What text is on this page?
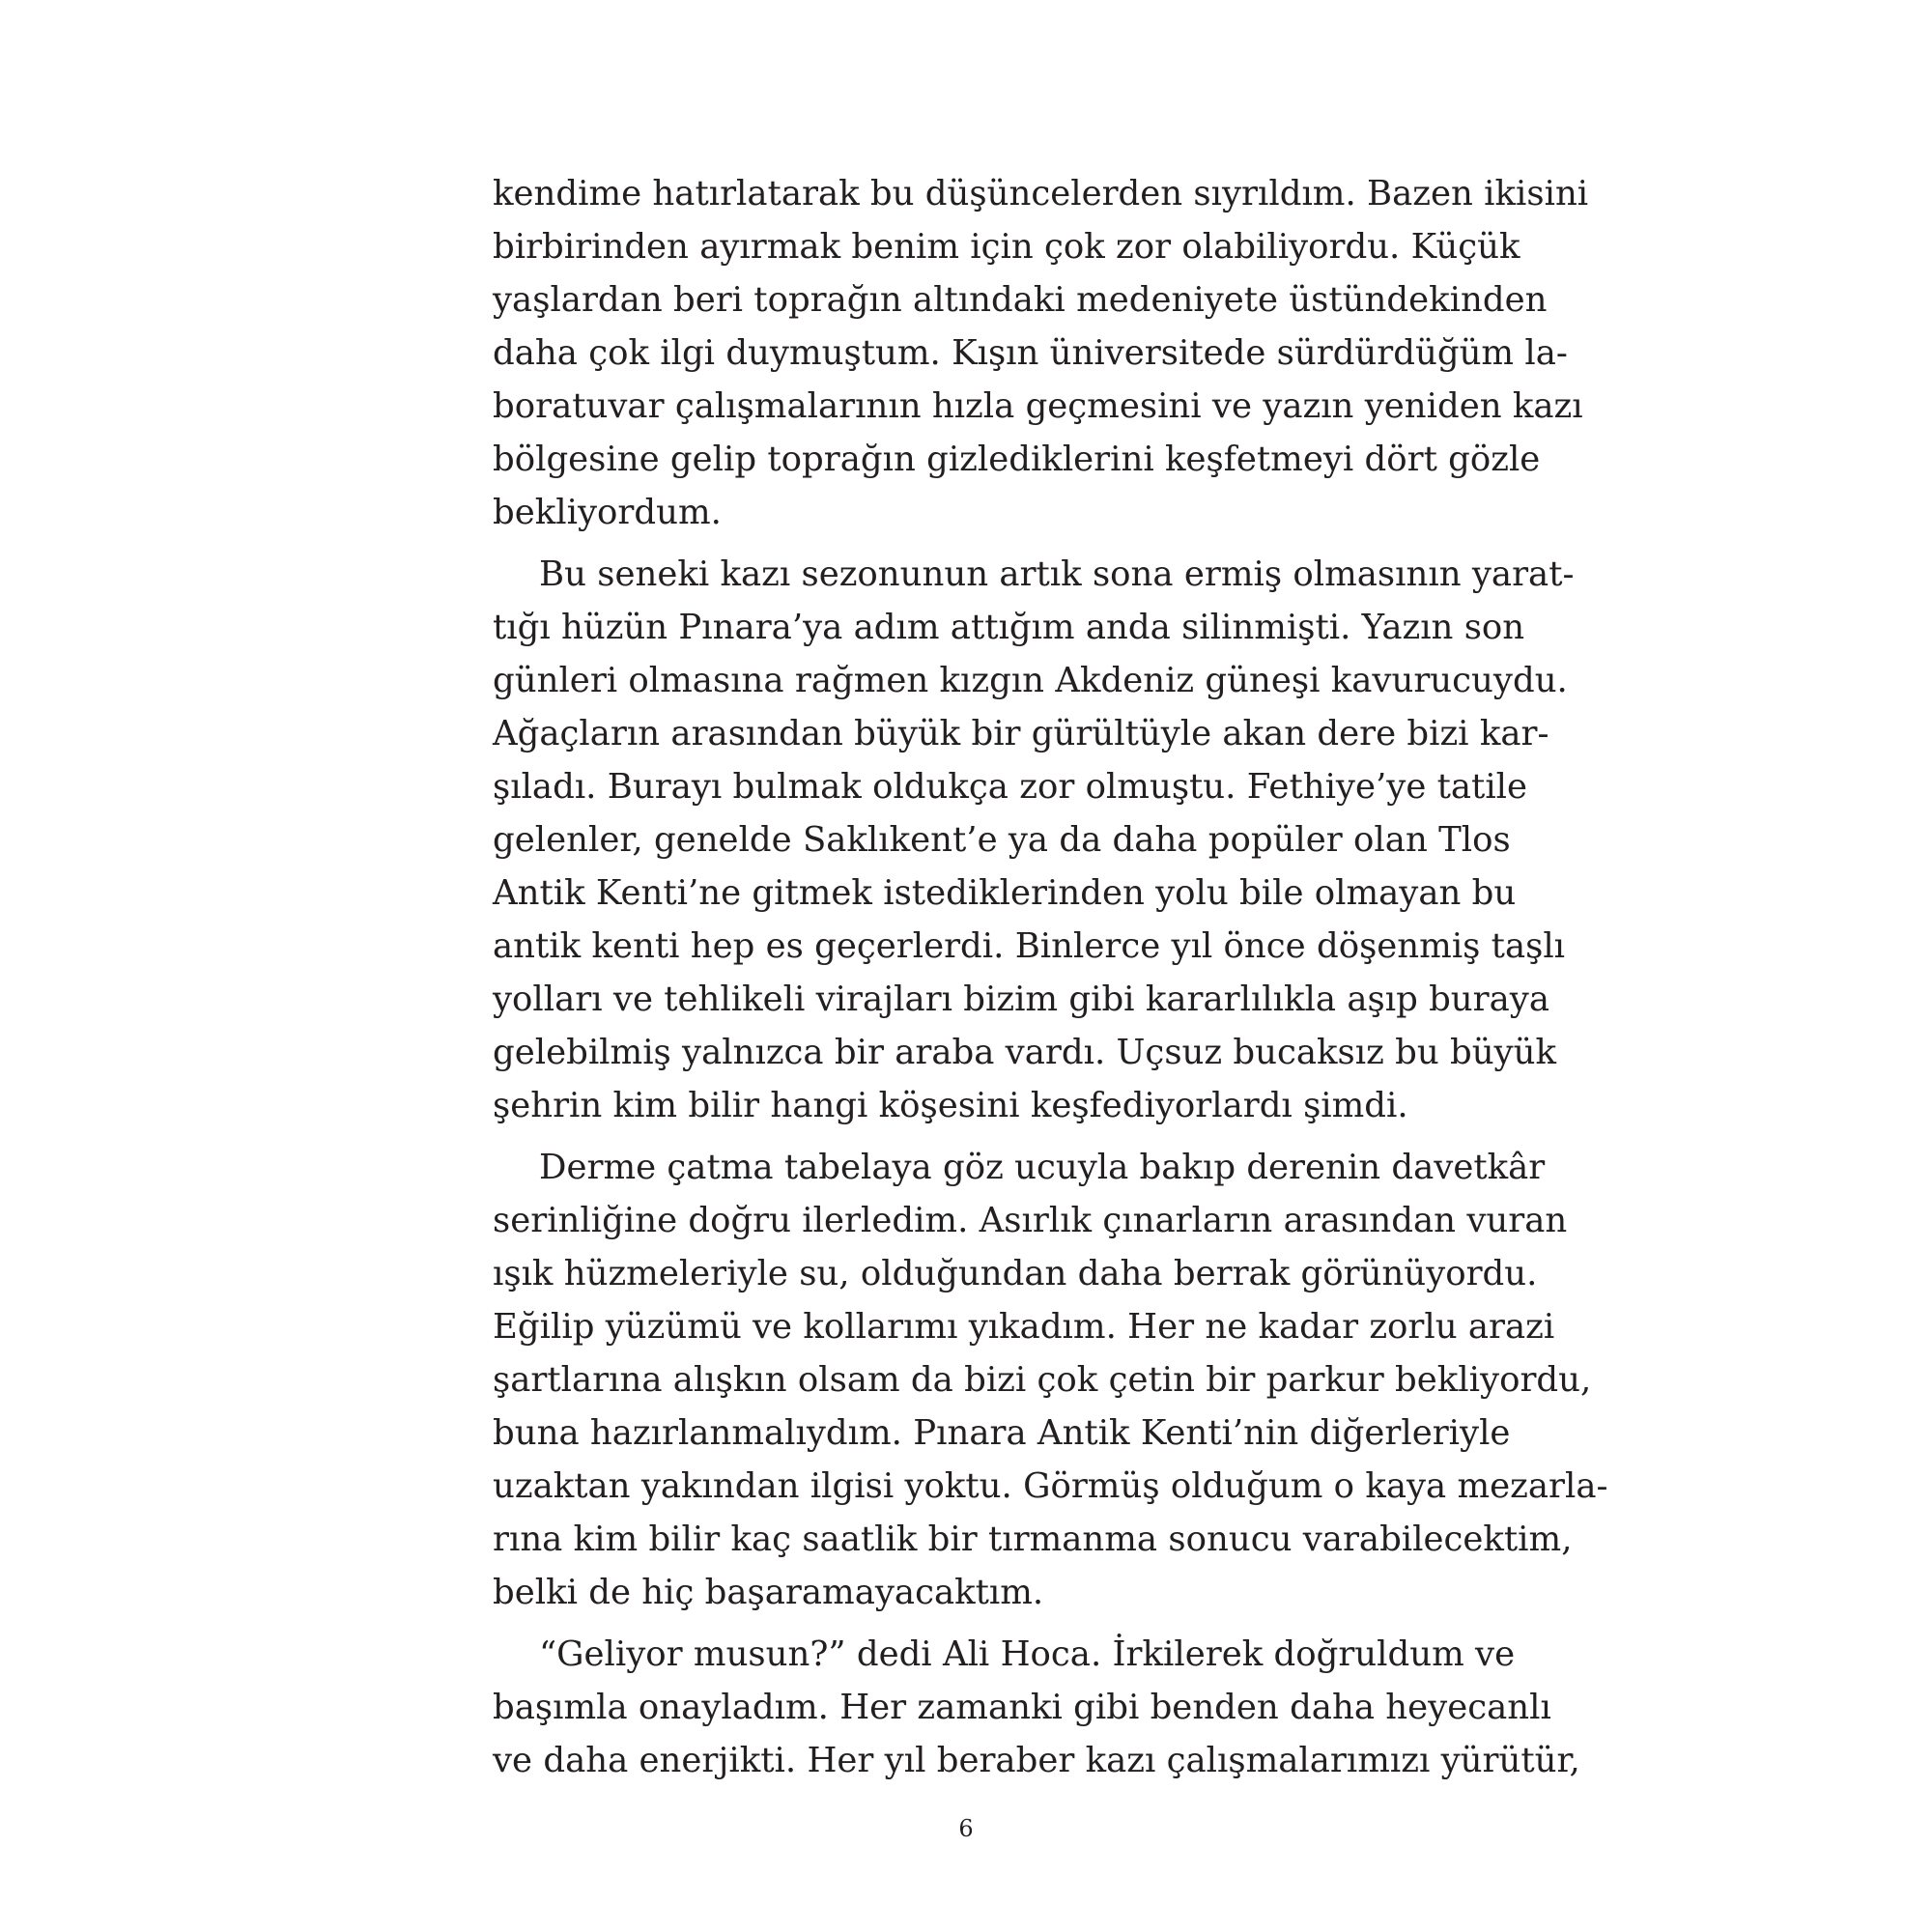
kendime hatırlatarak bu düşüncelerden sıyrıldım. Bazen ikisini
birbirinden ayırmak benim için çok zor olabiliyordu. Küçük
yaşlardan beri toprağın altındaki medeniyete üstündekinden
daha çok ilgi duymuştum. Kışın üniversitede sürdürdüğüm la-
boratuvar çalışmalarının hızla geçmesini ve yazın yeniden kazı
bölgesine gelip toprağın gizlediklerini keşfetmeyi dört gözle
bekliyordum.
Bu seneki kazı sezonunun artık sona ermiş olmasının yarat-
tığı hüzün Pınara’ya adım attığım anda silinmişti. Yazın son
günleri olmasına rağmen kızgın Akdeniz güneşi kavurucuydu.
Ağaçların arasından büyük bir gürültüyle akan dere bizi kar-
şıladı. Burayı bulmak oldukça zor olmuştu. Fethiye’ye tatile
gelenler, genelde Saklıkent’e ya da daha popüler olan Tlos
Antik Kenti’ne gitmek istediklerinden yolu bile olmayan bu
antik kenti hep es geçerlerdi. Binlerce yıl önce döşenmiş taşlı
yolları ve tehlikeli virajları bizim gibi kararlılıkla aşıp buraya
gelebilmiş yalnızca bir araba vardı. Uçsuz bucaksız bu büyük
şehrin kim bilir hangi köşesini keşfediyorlardı şimdi.
Derme çatma tabelaya göz ucuyla bakıp derenin davetkâr
serinliğine doğru ilerledim. Asırlık çınarların arasından vuran
ışık hüzmeleriyle su, olduğundan daha berrak görünüyordu.
Eğilip yüzümü ve kollarımı yıkadım. Her ne kadar zorlu arazi
şartlarına alışkın olsam da bizi çok çetin bir parkur bekliyordu,
buna hazırlanmalıydım. Pınara Antik Kenti’nin diğerleriyle
uzaktan yakından ilgisi yoktu. Görmüş olduğum o kaya mezarla-
rına kim bilir kaç saatlik bir tırmanma sonucu varabilecektim,
belki de hiç başaramayacaktım.
“Geliyor musun?” dedi Ali Hoca. İrkilerek doğruldum ve
başımla onayladım. Her zamanki gibi benden daha heyecanlı
ve daha enerjikti. Her yıl beraber kazı çalışmalarımızı yürütür,
6
